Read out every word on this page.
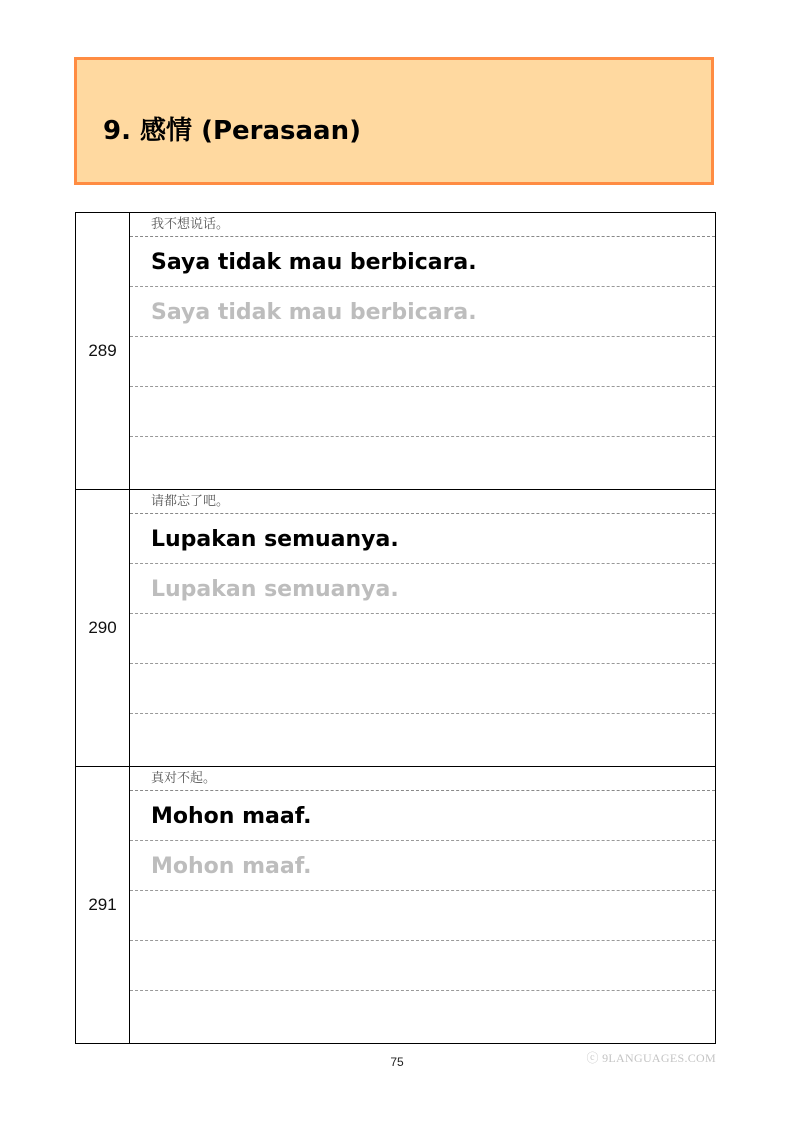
9. 感情 (Perasaan)
289
我不想说话。
Saya tidak mau berbicara.
Saya tidak mau berbicara.
290
请都忘了吧。
Lupakan semuanya.
Lupakan semuanya.
291
真对不起。
Mohon maaf.
Mohon maaf.
75	ⓒ 9LANGUAGES.COM
